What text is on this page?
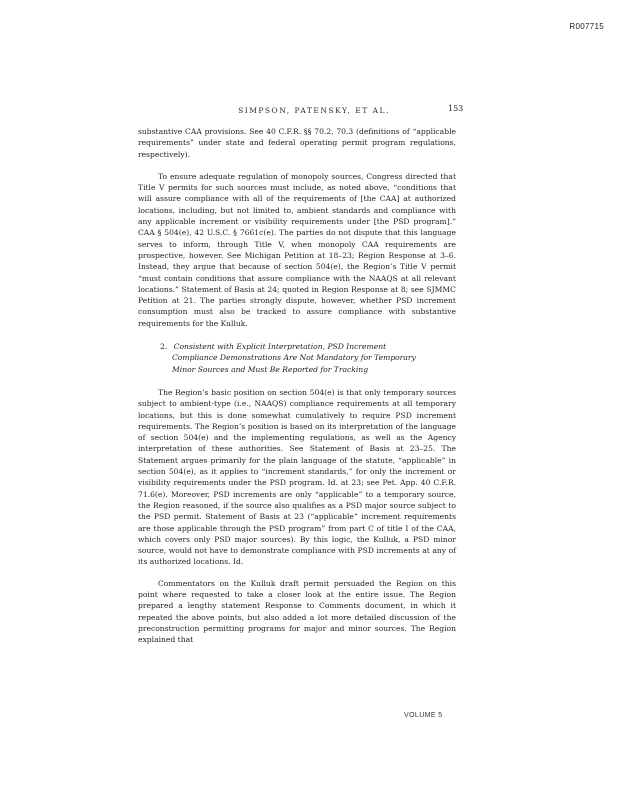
R007715
SIMPSON, PATENSKY, ET AL.	153

substantive CAA provisions. See 40 C.F.R. §§ 70.2, 70.3 (definitions of “applicable requirements” under state and federal operating permit program regulations, respectively).

To ensure adequate regulation of monopoly sources, Congress directed that Title V permits for such sources must include, as noted above, “conditions that will assure compliance with all of the requirements of [the CAA] at authorized locations, including, but not limited to, ambient standards and compliance with any applicable increment or visibility requirements under [the PSD program].” CAA § 504(e), 42 U.S.C. § 7661c(e). The parties do not dispute that this language serves to inform, through Title V, when monopoly CAA requirements are prospective, however. See Michigan Petition at 18–23; Region Response at 3–6. Instead, they argue that because of section 504(e), the Region’s Title V permit “must contain conditions that assure compliance with the NAAQS at all relevant locations.” Statement of Basis at 24; quoted in Region Response at 8; see SJMMC Petition at 21. The parties strongly dispute, however, whether PSD increment consumption must also be tracked to assure compliance with substantive requirements for the Kulluk.

2. Consistent with Explicit Interpretation, PSD Increment Compliance Demonstrations Are Not Mandatory for Temporary Minor Sources and Must Be Reported for Tracking

The Region’s basic position on section 504(e) is that only temporary sources subject to ambient-type (i.e., NAAQS) compliance requirements at all temporary locations, but this is done somewhat cumulatively to require PSD increment requirements. The Region’s position is based on its interpretation of the language of section 504(e) and the implementing regulations, as well as the Agency interpretation of these authorities. See Statement of Basis at 23–25. The Statement argues primarily for the plain language of the statute, “applicable” in section 504(e), as it applies to “increment standards,” for only the increment or visibility requirements under the PSD program. Id. at 23; see Pet. App. 40 C.F.R. 71.6(e). Moreover, PSD increments are only “applicable” to a temporary source, the Region reasoned, if the source also qualifies as a PSD major source subject to the PSD permit. Statement of Basis at 23 (“applicable” increment requirements are those applicable through the PSD program” from part C of title I of the CAA, which covers only PSD major sources). By this logic, the Kulluk, a PSD minor source, would not have to demonstrate compliance with PSD increments at any of its authorized locations. Id.

Commentators on the Kulluk draft permit persuaded the Region on this point where requested to take a closer look at the entire issue. The Region prepared a lengthy statement Response to Comments document, in which it repeated the above points, but also added a lot more detailed discussion of the preconstruction permitting programs for major and minor sources. The Region explained that

VOLUME 5
